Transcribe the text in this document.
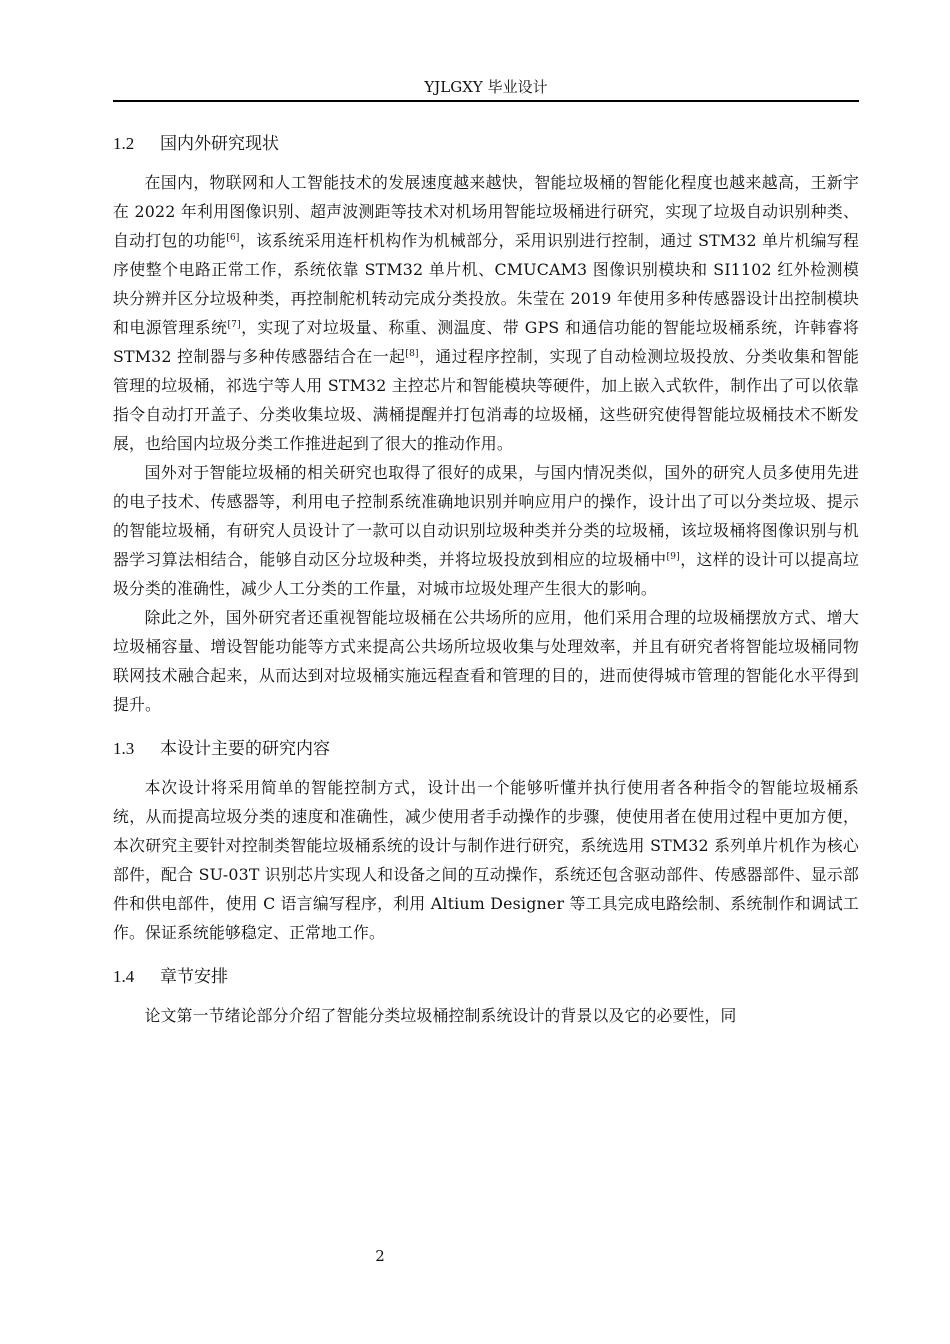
YJLGXY 毕业设计
1.2 国内外研究现状

在国内，物联网和人工智能技术的发展速度越来越快，智能垃圾桶的智能化程度也越来越高，王新宇在 2022 年利用图像识别、超声波测距等技术对机场用智能垃圾桶进行研究，实现了垃圾自动识别种类、自动打包的功能[6]，该系统采用连杆机构作为机械部分，采用识别进行控制，通过 STM32 单片机编写程序使整个电路正常工作，系统依靠 STM32 单片机、CMUCAM3 图像识别模块和 SI1102 红外检测模块分辨并区分垃圾种类，再控制舵机转动完成分类投放。朱莹在 2019 年使用多种传感器设计出控制模块和电源管理系统[7]，实现了对垃圾量、称重、测温度、带 GPS 和通信功能的智能垃圾桶系统，许韩睿将 STM32 控制器与多种传感器结合在一起[8]，通过程序控制，实现了自动检测垃圾投放、分类收集和智能管理的垃圾桶，祁选宁等人用 STM32 主控芯片和智能模块等硬件，加上嵌入式软件，制作出了可以依靠指令自动打开盖子、分类收集垃圾、满桶提醒并打包消毒的垃圾桶，这些研究使得智能垃圾桶技术不断发展，也给国内垃圾分类工作推进起到了很大的推动作用。

国外对于智能垃圾桶的相关研究也取得了很好的成果，与国内情况类似，国外的研究人员多使用先进的电子技术、传感器等，利用电子控制系统准确地识别并响应用户的操作，设计出了可以分类垃圾、提示的智能垃圾桶，有研究人员设计了一款可以自动识别垃圾种类并分类的垃圾桶，该垃圾桶将图像识别与机器学习算法相结合，能够自动区分垃圾种类，并将垃圾投放到相应的垃圾桶中[9]，这样的设计可以提高垃圾分类的准确性，减少人工分类的工作量，对城市垃圾处理产生很大的影响。

除此之外，国外研究者还重视智能垃圾桶在公共场所的应用，他们采用合理的垃圾桶摆放方式、增大垃圾桶容量、增设智能功能等方式来提高公共场所垃圾收集与处理效率，并且有研究者将智能垃圾桶同物联网技术融合起来，从而达到对垃圾桶实施远程查看和管理的目的，进而使得城市管理的智能化水平得到提升。

1.3 本设计主要的研究内容

本次设计将采用简单的智能控制方式，设计出一个能够听懂并执行使用者各种指令的智能垃圾桶系统，从而提高垃圾分类的速度和准确性，减少使用者手动操作的步骤，使使用者在使用过程中更加方便，本次研究主要针对控制类智能垃圾桶系统的设计与制作进行研究，系统选用 STM32 系列单片机作为核心部件，配合 SU-03T 识别芯片实现人和设备之间的互动操作，系统还包含驱动部件、传感器部件、显示部件和供电部件，使用 C 语言编写程序，利用 Altium Designer 等工具完成电路绘制、系统制作和调试工作。保证系统能够稳定、正常地工作。

1.4 章节安排

论文第一节绪论部分介绍了智能分类垃圾桶控制系统设计的背景以及它的必要性，同

2
